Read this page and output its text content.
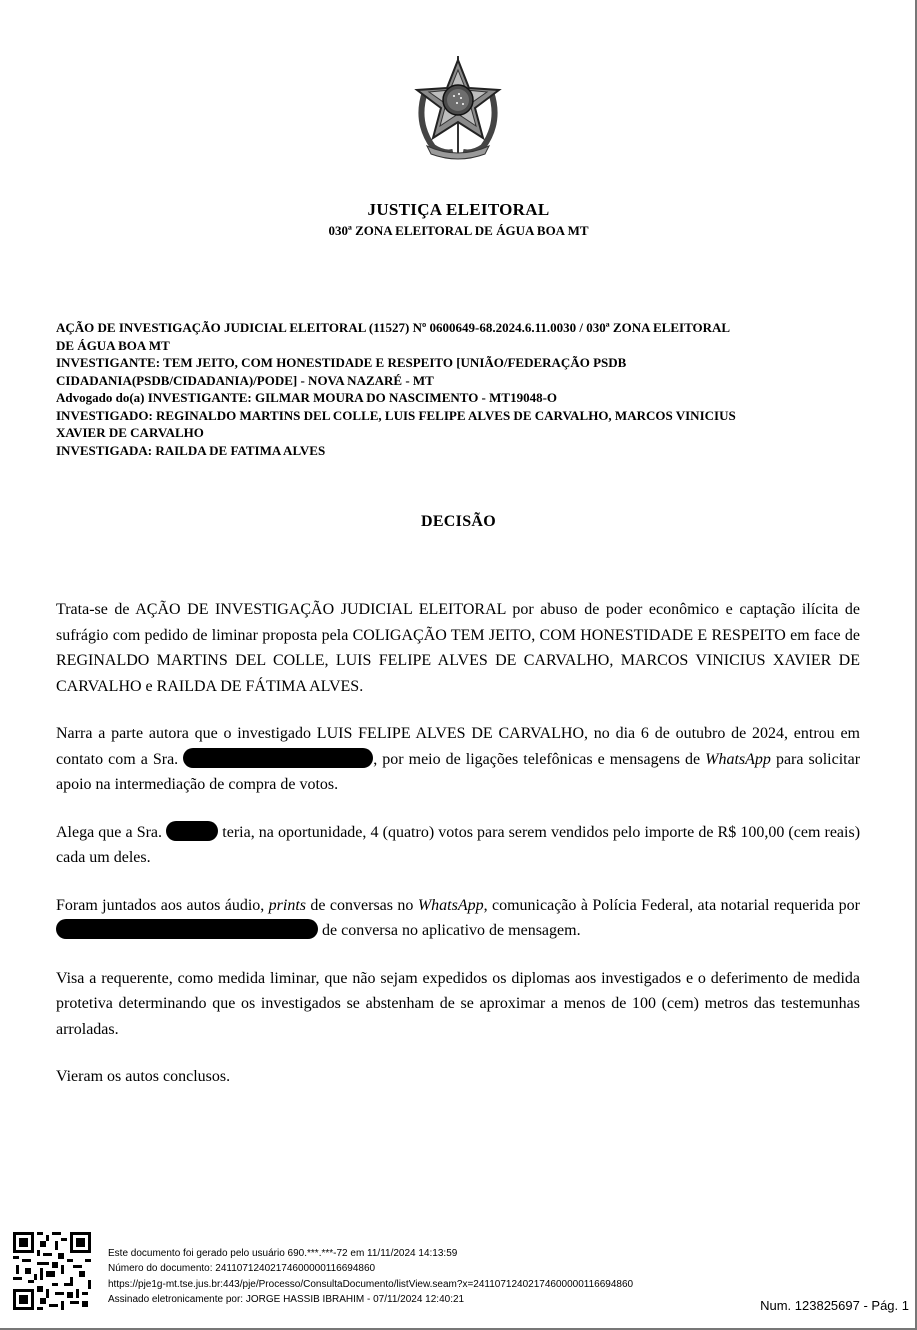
JUSTIÇA ELEITORAL
030ª ZONA ELEITORAL DE ÁGUA BOA MT
AÇÃO DE INVESTIGAÇÃO JUDICIAL ELEITORAL (11527) Nº 0600649-68.2024.6.11.0030 / 030ª ZONA ELEITORAL
DE ÁGUA BOA MT
INVESTIGANTE: TEM JEITO, COM HONESTIDADE E RESPEITO [UNIÃO/FEDERAÇÃO PSDB
CIDADANIA(PSDB/CIDADANIA)/PODE] - NOVA NAZARÉ - MT
Advogado do(a) INVESTIGANTE: GILMAR MOURA DO NASCIMENTO - MT19048-O
INVESTIGADO: REGINALDO MARTINS DEL COLLE, LUIS FELIPE ALVES DE CARVALHO, MARCOS VINICIUS
XAVIER DE CARVALHO
INVESTIGADA: RAILDA DE FATIMA ALVES
DECISÃO

Trata-se de AÇÃO DE INVESTIGAÇÃO JUDICIAL ELEITORAL por abuso de poder econômico e captação ilícita de sufrágio com pedido de liminar proposta pela COLIGAÇÃO TEM JEITO, COM HONESTIDADE E RESPEITO em face de REGINALDO MARTINS DEL COLLE, LUIS FELIPE ALVES DE CARVALHO, MARCOS VINICIUS XAVIER DE CARVALHO e RAILDA DE FÁTIMA ALVES.

Narra a parte autora que o investigado LUIS FELIPE ALVES DE CARVALHO, no dia 6 de outubro de 2024, entrou em contato com a Sra.	, por meio de ligações telefônicas e mensagens de WhatsApp para solicitar apoio na intermediação de compra de votos.

Alega que a Sra.	teria, na oportunidade, 4 (quatro) votos para serem vendidos pelo importe de R$ 100,00 (cem reais) cada um deles.

Foram juntados aos autos áudio, prints de conversas no WhatsApp, comunicação à Polícia Federal, ata notarial requerida por  de conversa no aplicativo de mensagem.

Visa a requerente, como medida liminar, que não sejam expedidos os diplomas aos investigados e o deferimento de medida protetiva determinando que os investigados se abstenham de se aproximar a menos de 100 (cem) metros das testemunhas arroladas.

Vieram os autos conclusos.

Este documento foi gerado pelo usuário 690.***.***-72 em 11/11/2024 14:13:59
Número do documento: 24110712402174600000116694860
https://pje1g-mt.tse.jus.br:443/pje/Processo/ConsultaDocumento/listView.seam?x=24110712402174600000116694860
Assinado eletronicamente por: JORGE HASSIB IBRAHIM - 07/11/2024 12:40:21	Num. 123825697 - Pág. 1
